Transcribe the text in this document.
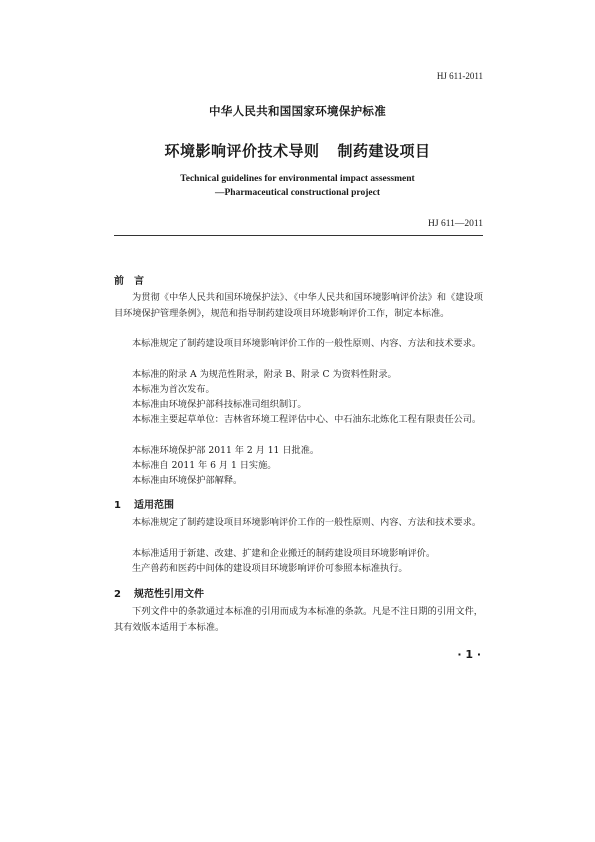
HJ 611-2011
中华人民共和国国家环境保护标准
环境影响评价技术导则 制药建设项目
Technical guidelines for environmental impact assessment
—Pharmaceutical constructional project
HJ 611—2011
前　言

为贯彻《中华人民共和国环境保护法》、《中华人民共和国环境影响评价法》和《建设项目环境保护管理条例》，规范和指导制药建设项目环境影响评价工作，制定本标准。

本标准规定了制药建设项目环境影响评价工作的一般性原则、内容、方法和技术要求。

本标准的附录 A 为规范性附录，附录 B、附录 C 为资料性附录。

本标准为首次发布。

本标准由环境保护部科技标准司组织制订。

本标准主要起草单位：吉林省环境工程评估中心、中石油东北炼化工程有限责任公司。

本标准环境保护部 2011 年 2 月 11 日批准。

本标准自 2011 年 6 月 1 日实施。

本标准由环境保护部解释。

1 适用范围

本标准规定了制药建设项目环境影响评价工作的一般性原则、内容、方法和技术要求。

本标准适用于新建、改建、扩建和企业搬迁的制药建设项目环境影响评价。

生产兽药和医药中间体的建设项目环境影响评价可参照本标准执行。

2 规范性引用文件

下列文件中的条款通过本标准的引用而成为本标准的条款。凡是不注日期的引用文件，其有效版本适用于本标准。

· 1 ·
